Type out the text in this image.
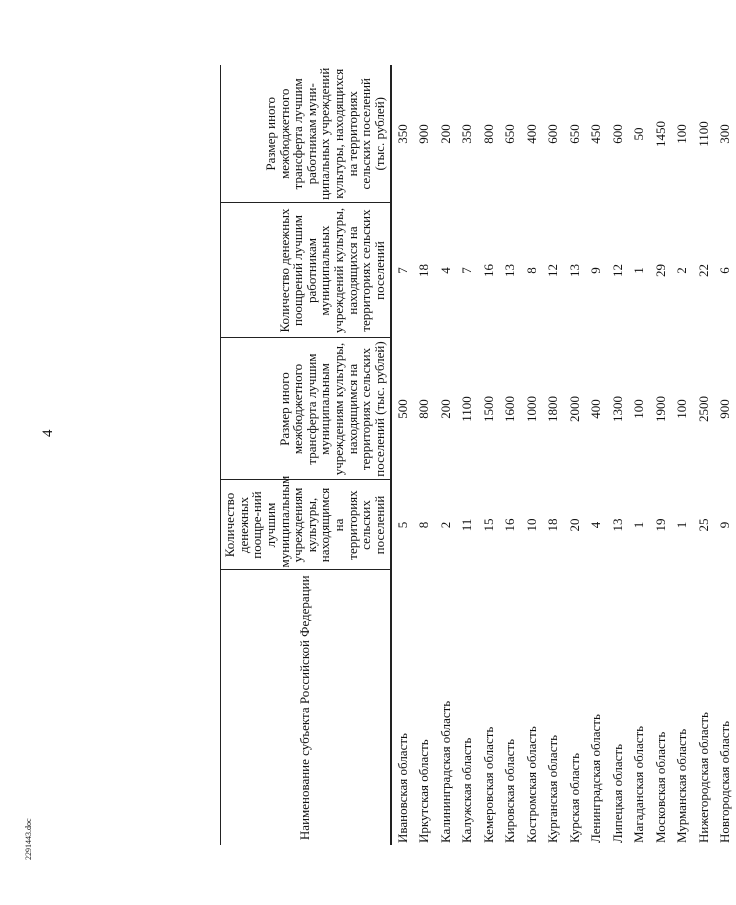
4
2291443.doc	Наименование субъекта Российской Федерации	Количество денежных поощре-ний лучшим муниципальным учреждениям культуры, находящимся на территориях сельских поселений	Размер иного межбюджетного трансферта лучшим муниципальным учреждениям культуры, находящимся на территориях сельских поселений (тыс. рублей)	Количество денежных поощрений лучшим работникам муниципальных учреждений культуры, находящихся на территориях сельских поселений	Размер иного межбюджетного трансферта лучшим работникам муни-ципальных учреждений культуры, находящихся на территориях сельских поселений (тыс. рублей)
Ивановская область	5	500	7	350
Иркутская область	8	800	18	900
Калининградская область	2	200	4	200
Калужская область	11	1100	7	350
Кемеровская область	15	1500	16	800
Кировская область	16	1600	13	650
Костромская область	10	1000	8	400
Курганская область	18	1800	12	600
Курская область	20	2000	13	650
Ленинградская область	4	400	9	450
Липецкая область	13	1300	12	600
Магаданская область	1	100	1	50
Московская область	19	1900	29	1450
Мурманская область	1	100	2	100
Нижегородская область	25	2500	22	1100
Новгородская область	9	900	6	300
